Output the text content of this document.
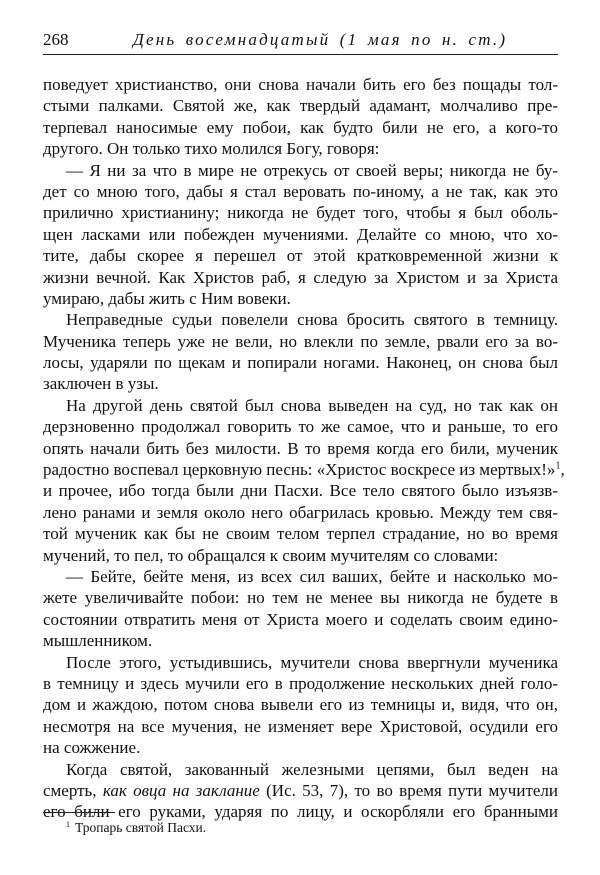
268	День восемнадцатый (1 мая по н. ст.)
поведует христианство, они снова начали бить его без пощады тол-
стыми палками. Святой же, как твердый адамант, молчаливо пре-
терпевал наносимые ему побои, как будто били не его, а кого-то
другого. Он только тихо молился Богу, говоря:
— Я ни за что в мире не отрекусь от своей веры; никогда не бу-
дет со мною того, дабы я стал веровать по-иному, а не так, как это
прилично христианину; никогда не будет того, чтобы я был оболь-
щен ласками или побежден мучениями. Делайте со мною, что хо-
тите, дабы скорее я перешел от этой кратковременной жизни к
жизни вечной. Как Христов раб, я следую за Христом и за Христа
умираю, дабы жить с Ним вовеки.
Неправедные судьи повелели снова бросить святого в темницу.
Мученика теперь уже не вели, но влекли по земле, рвали его за во-
лосы, ударяли по щекам и попирали ногами. Наконец, он снова был
заключен в узы.
На другой день святой был снова выведен на суд, но так как он
дерзновенно продолжал говорить то же самое, что и раньше, то его
опять начали бить без милости. В то время когда его били, мученик
радостно воспевал церковную песнь: «Христос воскресе из мертвых!»$^1$,
и прочее, ибо тогда были дни Пасхи. Все тело святого было изъязв-
лено ранами и земля около него обагрилась кровью. Между тем свя-
той мученик как бы не своим телом терпел страдание, но во время
мучений, то пел, то обращался к своим мучителям со словами:
— Бейте, бейте меня, из всех сил ваших, бейте и насколько мо-
жете увеличивайте побои: но тем не менее вы никогда не будете в
состоянии отвратить меня от Христа моего и соделать своим едино-
мышленником.
После этого, устыдившись, мучители снова ввергнули мученика
в темницу и здесь мучили его в продолжение нескольких дней голо-
дом и жаждою, потом снова вывели его из темницы и, видя, что он,
несмотря на все мучения, не изменяет вере Христовой, осудили его
на сожжение.
Когда святой, закованный железными цепями, был веден на
смерть, как овца на заклание (Ис. 53, 7), то во время пути мучители
его били его руками, ударяя по лицу, и оскорбляли его бранными
$^1$ Тропарь святой Пасхи.
